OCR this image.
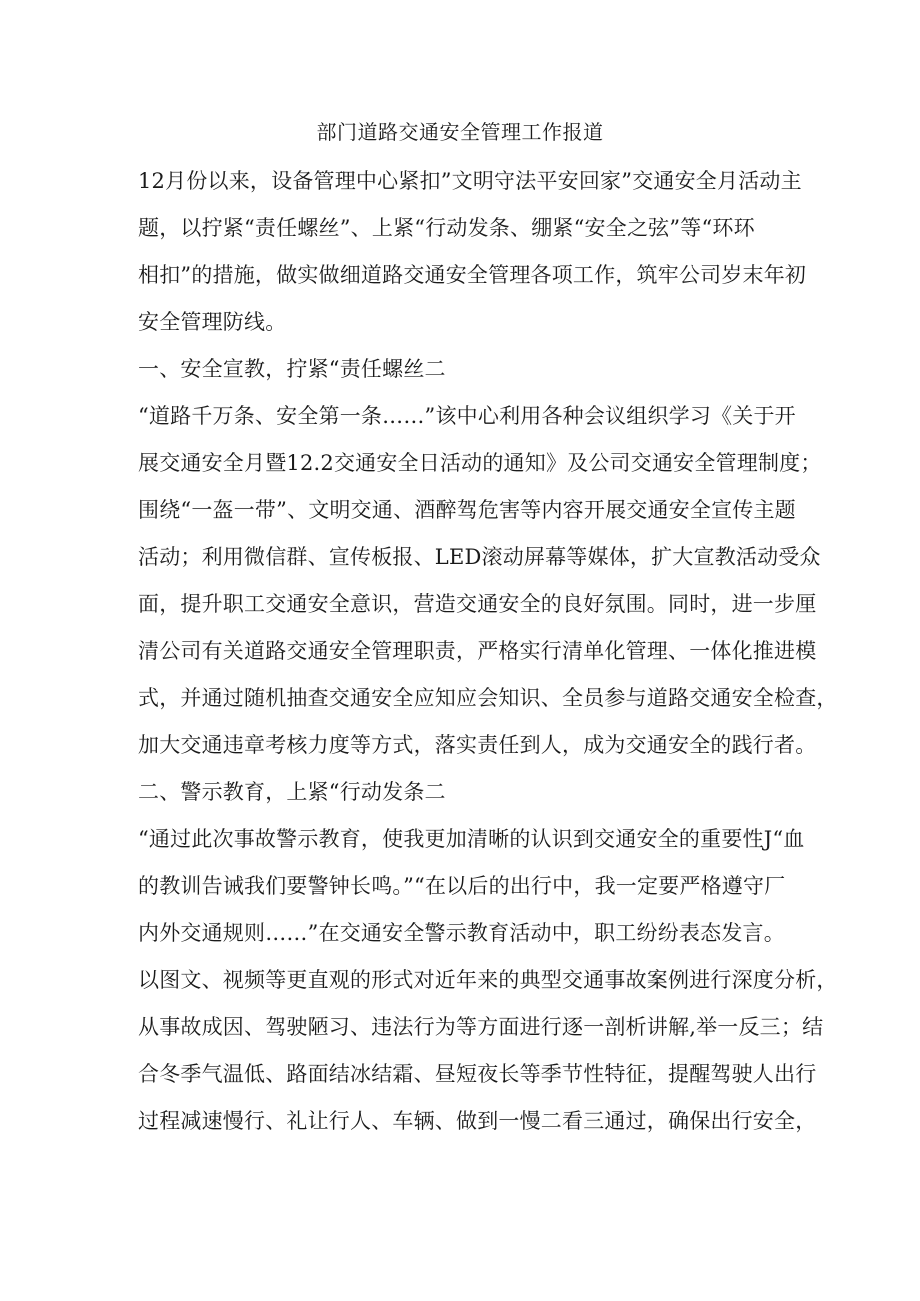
部门道路交通安全管理工作报道
12月份以来，设备管理中心紧扣”文明守法平安回家”交通安全月活动主
题，以拧紧“责任螺丝”、上紧“行动发条、绷紧“安全之弦”等“环环
相扣”的措施，做实做细道路交通安全管理各项工作，筑牢公司岁末年初
安全管理防线。
一、安全宣教，拧紧“责任螺丝二
“道路千万条、安全第一条……”该中心利用各种会议组织学习《关于开
展交通安全月暨12.2交通安全日活动的通知》及公司交通安全管理制度；
围绕“一盔一带”、文明交通、酒醉驾危害等内容开展交通安全宣传主题
活动；利用微信群、宣传板报、LED滚动屏幕等媒体，扩大宣教活动受众
面，提升职工交通安全意识，营造交通安全的良好氛围。同时，进一步厘
清公司有关道路交通安全管理职责，严格实行清单化管理、一体化推进模
式，并通过随机抽查交通安全应知应会知识、全员参与道路交通安全检查，
加大交通违章考核力度等方式，落实责任到人，成为交通安全的践行者。
二、警示教育，上紧“行动发条二
“通过此次事故警示教育，使我更加清晰的认识到交通安全的重要性J“血
的教训告诫我们要警钟长鸣。”“在以后的出行中，我一定要严格遵守厂
内外交通规则……”在交通安全警示教育活动中，职工纷纷表态发言。
以图文、视频等更直观的形式对近年来的典型交通事故案例进行深度分析，
从事故成因、驾驶陋习、违法行为等方面进行逐一剖析讲解,举一反三；结
合冬季气温低、路面结冰结霜、昼短夜长等季节性特征，提醒驾驶人出行
过程减速慢行、礼让行人、车辆、做到一慢二看三通过，确保出行安全，
